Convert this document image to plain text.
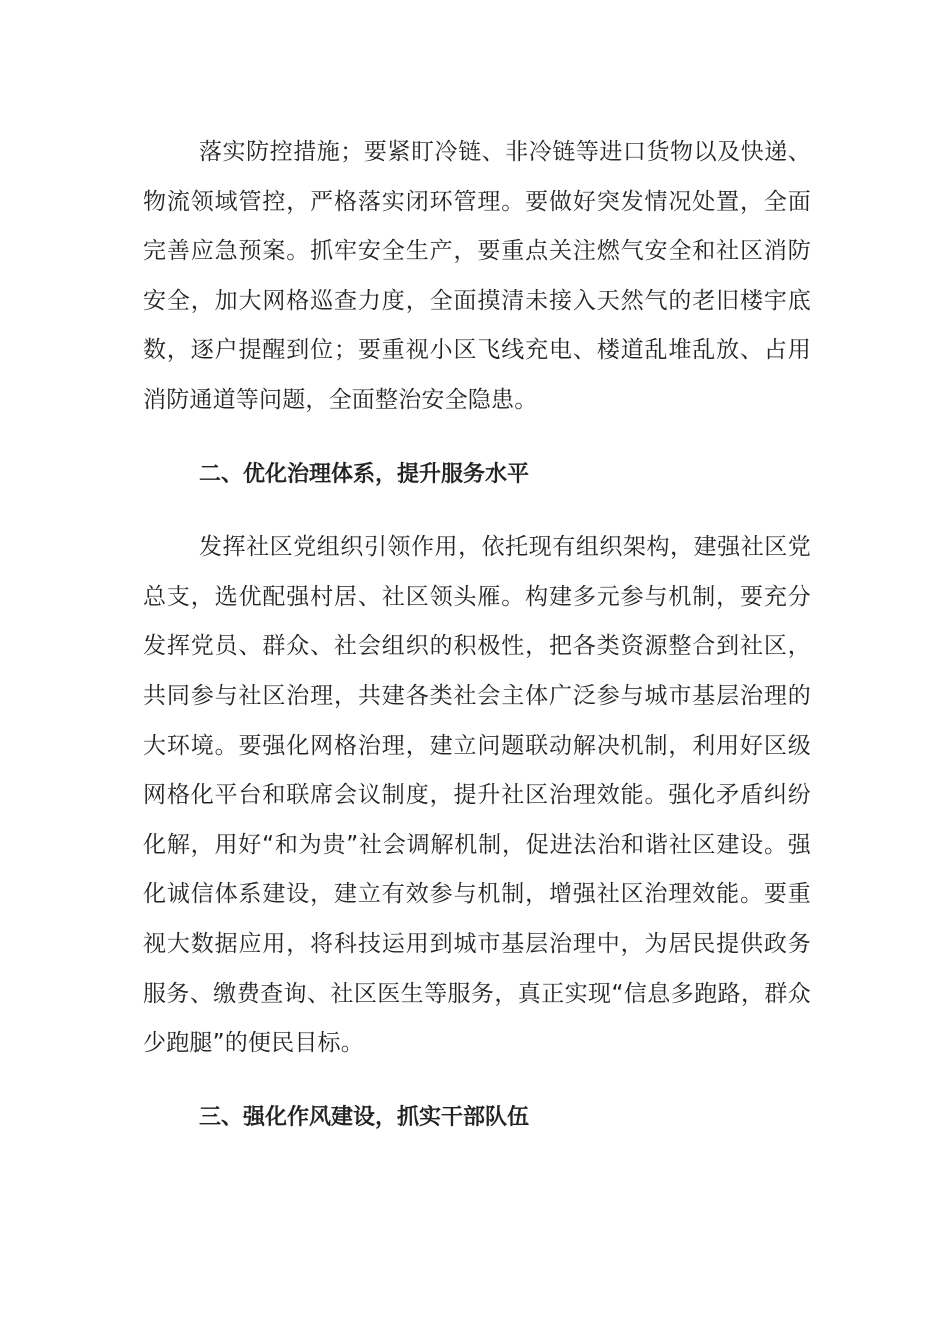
落实防控措施；要紧盯冷链、非冷链等进口货物以及快递、物流领域管控，严格落实闭环管理。要做好突发情况处置，全面完善应急预案。抓牢安全生产，要重点关注燃气安全和社区消防安全，加大网格巡查力度，全面摸清未接入天然气的老旧楼宇底数，逐户提醒到位；要重视小区飞线充电、楼道乱堆乱放、占用消防通道等问题，全面整治安全隐患。

二、优化治理体系，提升服务水平

发挥社区党组织引领作用，依托现有组织架构，建强社区党总支，选优配强村居、社区领头雁。构建多元参与机制，要充分发挥党员、群众、社会组织的积极性，把各类资源整合到社区，共同参与社区治理，共建各类社会主体广泛参与城市基层治理的大环境。要强化网格治理，建立问题联动解决机制，利用好区级网格化平台和联席会议制度，提升社区治理效能。强化矛盾纠纷化解，用好“和为贵”社会调解机制，促进法治和谐社区建设。强化诚信体系建设，建立有效参与机制，增强社区治理效能。要重视大数据应用，将科技运用到城市基层治理中，为居民提供政务服务、缴费查询、社区医生等服务，真正实现“信息多跑路，群众少跑腿”的便民目标。

三、强化作风建设，抓实干部队伍
